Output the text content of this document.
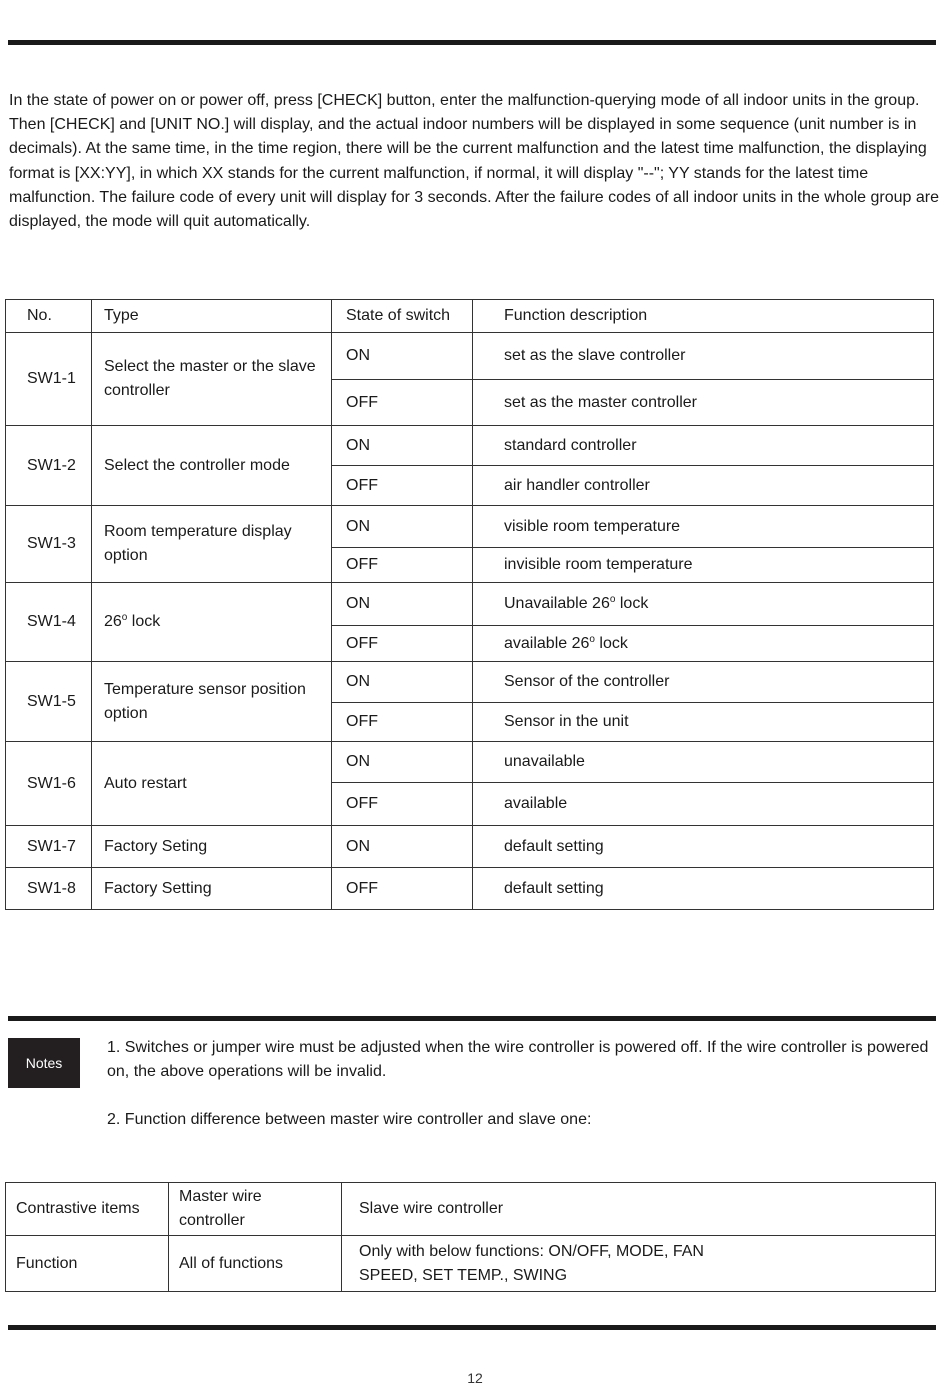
In the state of power on or power off, press [CHECK] button, enter the malfunction-querying mode of all indoor units in the group. Then [CHECK] and [UNIT NO.] will display, and the actual indoor numbers will be displayed in some sequence (unit number is in decimals). At the same time, in the time region, there will be the current malfunction and the latest time malfunction, the displaying format is [XX:YY], in which XX stands for the current malfunction, if normal, it will display "--"; YY stands for the latest time malfunction. The failure code of every unit will display for 3 seconds. After the failure codes of all indoor units in the whole group are displayed, the mode will quit automatically.

No.	Type	State of switch	Function description
SW1-1	Select the master or the slave controller	ON	set as the slave controller
		OFF	set as the master controller
SW1-2	Select the controller mode	ON	standard controller
		OFF	air handler controller
SW1-3	Room temperature display option	ON	visible room temperature
		OFF	invisible room temperature
SW1-4	26$^o$ lock	ON	Unavailable 26$^o$ lock
		OFF	available 26$^o$ lock
SW1-5	Temperature sensor position option	ON	Sensor of the controller
		OFF	Sensor in the unit
SW1-6	Auto restart	ON	unavailable
		OFF	available
SW1-7	Factory Seting	ON	default setting
SW1-8	Factory Setting	OFF	default setting
Notes

1. Switches or jumper wire must be adjusted when the wire controller is powered off. If the wire controller is powered on, the above operations will be invalid.

2. Function difference between master wire controller and slave one:

Contrastive items	Master wire controller	Slave wire controller
Function	All of functions	Only with below functions: ON/OFF, MODE, FAN SPEED, SET TEMP., SWING
12
